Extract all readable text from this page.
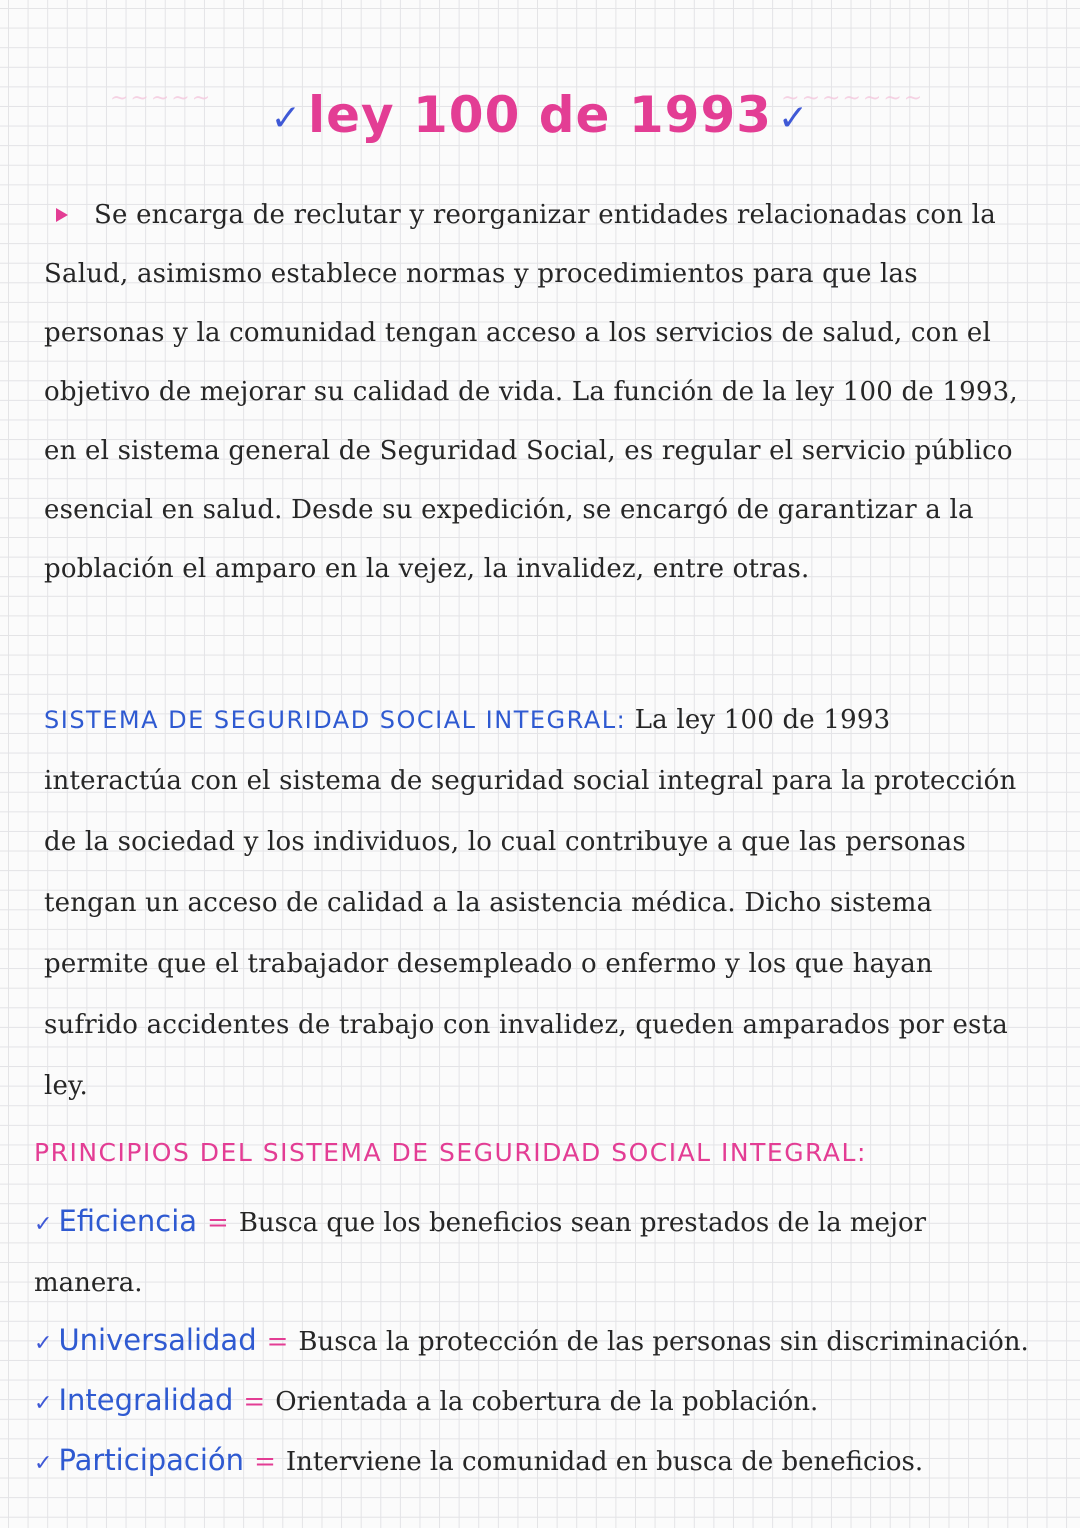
~~~~~	~~~~~~~
✓ ley 100 de 1993 ✓

Se encarga de reclutar y reorganizar entidades relacionadas con la Salud, asimismo establece normas y procedimientos para que las personas y la comunidad tengan acceso a los servicios de salud, con el objetivo de mejorar su calidad de vida. La función de la ley 100 de 1993, en el sistema general de Seguridad Social, es regular el servicio público esencial en salud. Desde su expedición, se encargó de garantizar a la población el amparo en la vejez, la invalidez, entre otras.

SISTEMA DE SEGURIDAD SOCIAL INTEGRAL: La ley 100 de 1993 interactúa con el sistema de seguridad social integral para la protección de la sociedad y los individuos, lo cual contribuye a que las personas tengan un acceso de calidad a la asistencia médica. Dicho sistema permite que el trabajador desempleado o enfermo y los que hayan sufrido accidentes de trabajo con invalidez, queden amparados por esta ley.

PRINCIPIOS DEL SISTEMA DE SEGURIDAD SOCIAL INTEGRAL:

✓ Eficiencia = Busca que los beneficios sean prestados de la mejor manera.

✓ Universalidad = Busca la protección de las personas sin discriminación.

✓ Integralidad = Orientada a la cobertura de la población.

✓ Participación = Interviene la comunidad en busca de beneficios.
